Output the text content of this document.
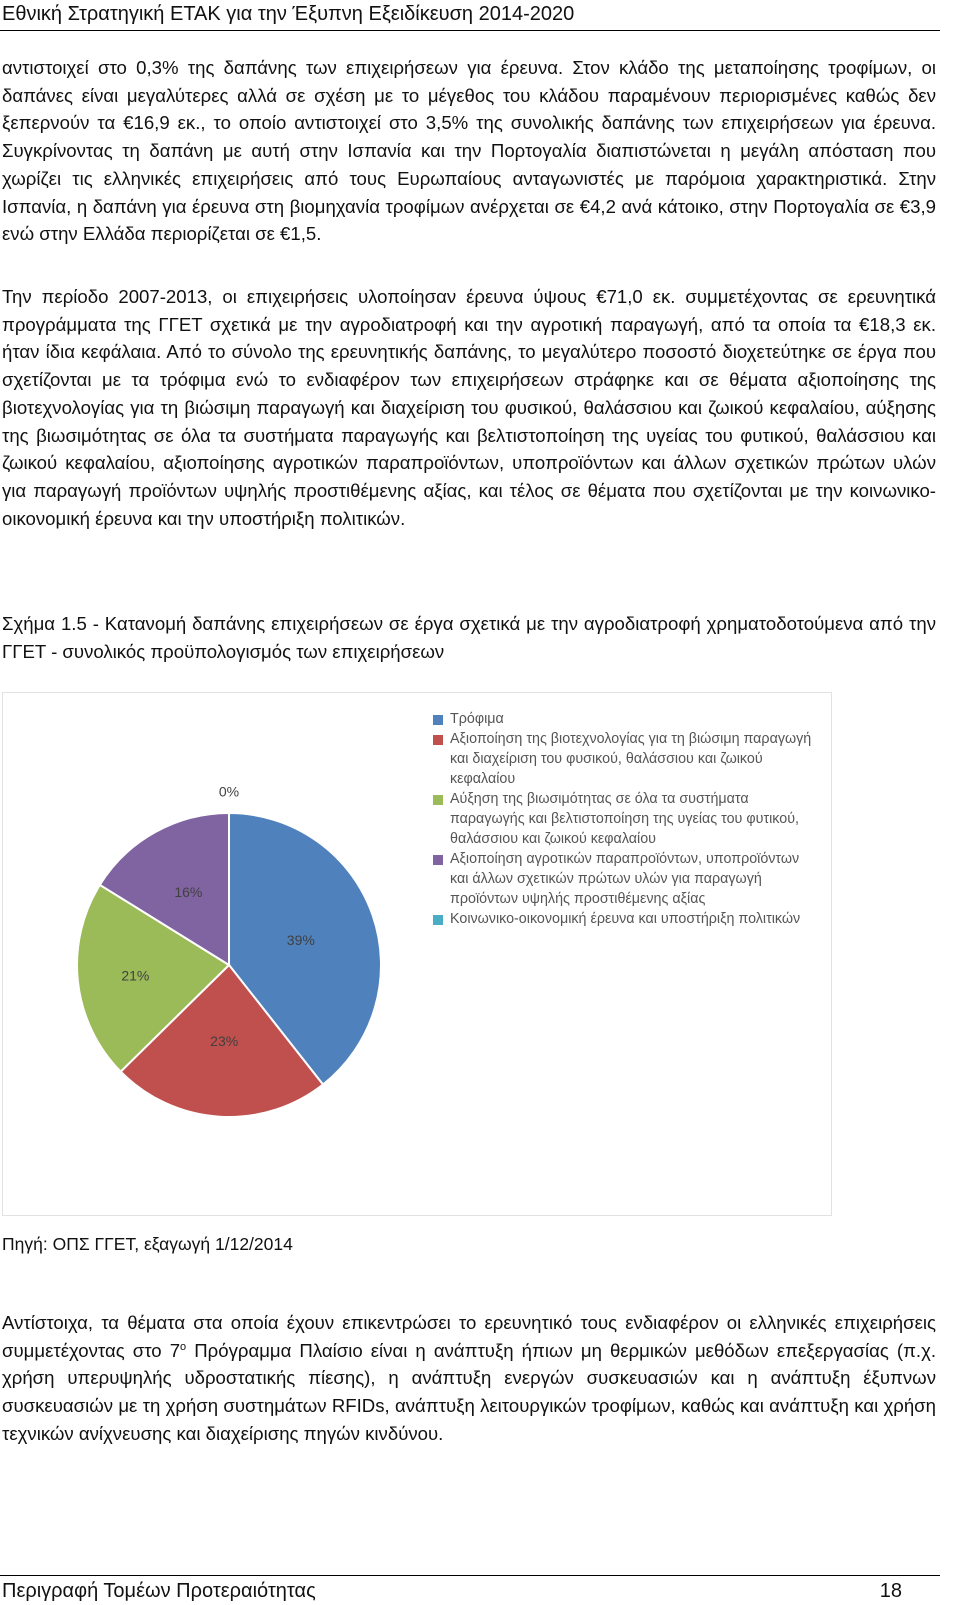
Εθνική Στρατηγική ΕΤΑΚ για την Έξυπνη Εξειδίκευση 2014-2020

αντιστοιχεί στο 0,3% της δαπάνης των επιχειρήσεων για έρευνα. Στον κλάδο της μεταποίησης τροφίμων, οι δαπάνες είναι μεγαλύτερες αλλά σε σχέση με το μέγεθος του κλάδου παραμένουν περιορισμένες καθώς δεν ξεπερνούν τα €16,9 εκ., το οποίο αντιστοιχεί στο 3,5% της συνολικής δαπάνης των επιχειρήσεων για έρευνα. Συγκρίνοντας τη δαπάνη με αυτή στην Ισπανία και την Πορτογαλία διαπιστώνεται η μεγάλη απόσταση που χωρίζει τις ελληνικές επιχειρήσεις από τους Ευρωπαίους ανταγωνιστές με παρόμοια χαρακτηριστικά. Στην Ισπανία, η δαπάνη για έρευνα στη βιομηχανία τροφίμων ανέρχεται σε €4,2 ανά κάτοικο, στην Πορτογαλία σε €3,9 ενώ στην Ελλάδα περιορίζεται σε €1,5.

Την περίοδο 2007-2013, οι επιχειρήσεις υλοποίησαν έρευνα ύψους €71,0 εκ. συμμετέχοντας σε ερευνητικά προγράμματα της ΓΓΕΤ σχετικά με την αγροδιατροφή και την αγροτική παραγωγή, από τα οποία τα €18,3 εκ. ήταν ίδια κεφάλαια. Από το σύνολο της ερευνητικής δαπάνης, το μεγαλύτερο ποσοστό διοχετεύτηκε σε έργα που σχετίζονται με τα τρόφιμα ενώ το ενδιαφέρον των επιχειρήσεων στράφηκε και σε θέματα αξιοποίησης της βιοτεχνολογίας για τη βιώσιμη παραγωγή και διαχείριση του φυσικού, θαλάσσιου και ζωικού κεφαλαίου, αύξησης της βιωσιμότητας σε όλα τα συστήματα παραγωγής και βελτιστοποίηση της υγείας του φυτικού, θαλάσσιου και ζωικού κεφαλαίου, αξιοποίησης αγροτικών παραπροϊόντων, υποπροϊόντων και άλλων σχετικών πρώτων υλών για παραγωγή προϊόντων υψηλής προστιθέμενης αξίας, και τέλος σε θέματα που σχετίζονται με την κοινωνικο-οικονομική έρευνα και την υποστήριξη πολιτικών.

Σχήμα 1.5 - Κατανομή δαπάνης επιχειρήσεων σε έργα σχετικά με την αγροδιατροφή χρηματοδοτούμενα από την ΓΓΕΤ - συνολικός προϋπολογισμός των επιχειρήσεων

39%
23%
21%
16%
0%
Τρόφιμα
Αξιοποίηση της βιοτεχνολογίας για τη βιώσιμη παραγωγή και διαχείριση του φυσικού, θαλάσσιου και ζωικού κεφαλαίου
Αύξηση της βιωσιμότητας σε όλα τα συστήματα παραγωγής και βελτιστοποίηση της υγείας του φυτικού, θαλάσσιου και ζωικού κεφαλαίου
Αξιοποίηση αγροτικών παραπροϊόντων, υποπροϊόντων και άλλων σχετικών πρώτων υλών για παραγωγή προϊόντων υψηλής προστιθέμενης αξίας
Κοινωνικο-οικονομική έρευνα και υποστήριξη πολιτικών
Πηγή: ΟΠΣ ΓΓΕΤ, εξαγωγή 1/12/2014

Αντίστοιχα, τα θέματα στα οποία έχουν επικεντρώσει το ερευνητικό τους ενδιαφέρον οι ελληνικές επιχειρήσεις συμμετέχοντας στο $7^o$ Πρόγραμμα Πλαίσιο είναι η ανάπτυξη ήπιων μη θερμικών μεθόδων επεξεργασίας (π.χ. χρήση υπερυψηλής υδροστατικής πίεσης), η ανάπτυξη ενεργών συσκευασιών και η ανάπτυξη έξυπνων συσκευασιών με τη χρήση συστημάτων RFIDs, ανάπτυξη λειτουργικών τροφίμων, καθώς και ανάπτυξη και χρήση τεχνικών ανίχνευσης και διαχείρισης πηγών κινδύνου.

Περιγραφή Τομέων Προτεραιότητας	18
